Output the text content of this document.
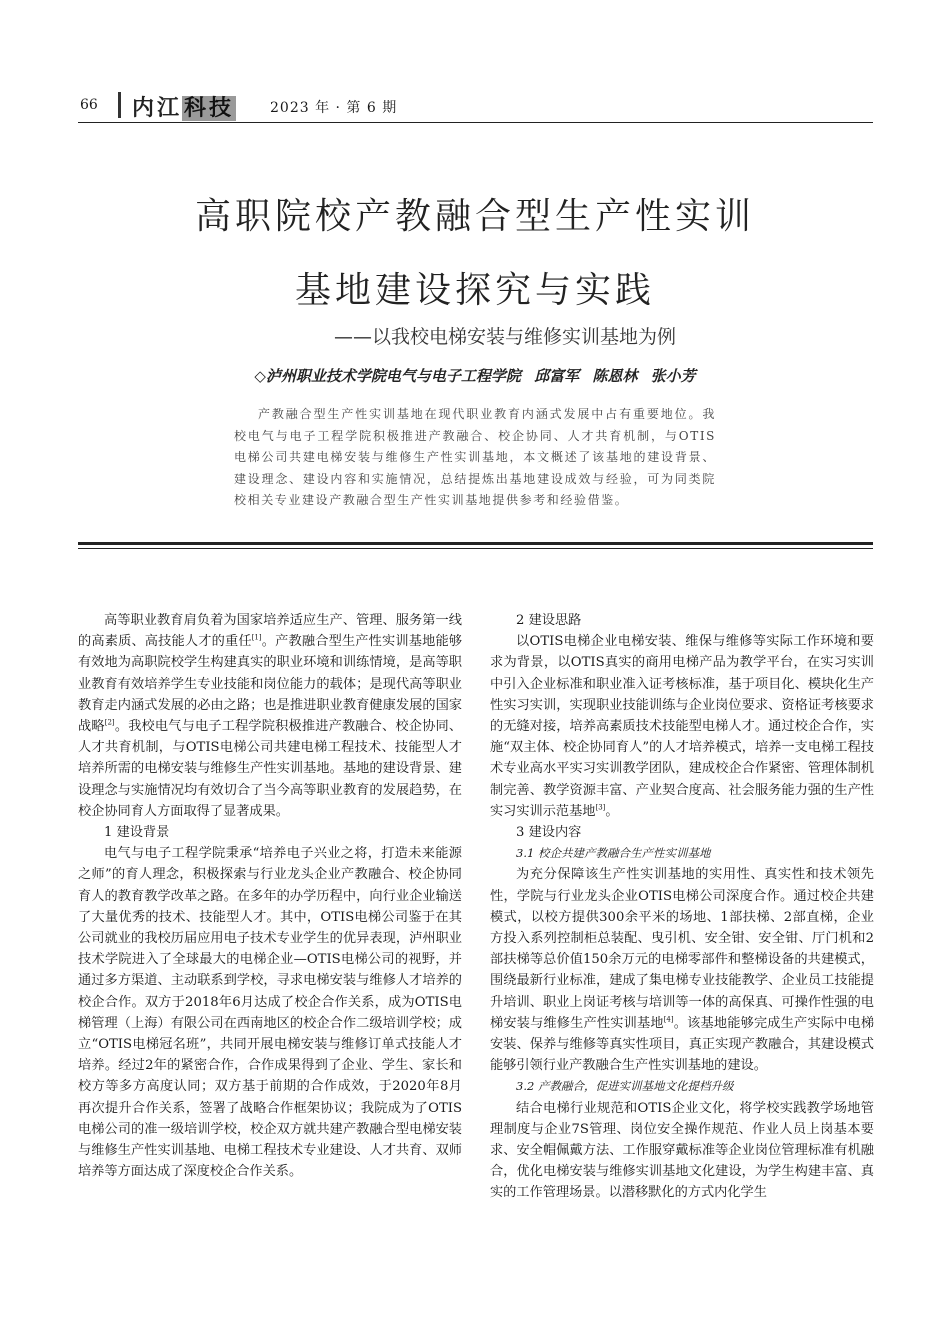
66 内江科技	2023 年 · 第 6 期
高职院校产教融合型生产性实训
基地建设探究与实践
——以我校电梯安装与维修实训基地为例
◇泸州职业技术学院电气与电子工程学院 邱富军 陈恩林 张小芳
产教融合型生产性实训基地在现代职业教育内涵式发展中占有重要地位。我校电气与电子工程学院积极推进产教融合、校企协同、人才共育机制，与OTIS电梯公司共建电梯安装与维修生产性实训基地，本文概述了该基地的建设背景、建设理念、建设内容和实施情况，总结提炼出基地建设成效与经验，可为同类院校相关专业建设产教融合型生产性实训基地提供参考和经验借鉴。

高等职业教育肩负着为国家培养适应生产、管理、服务第一线的高素质、高技能人才的重任[1]。产教融合型生产性实训基地能够有效地为高职院校学生构建真实的职业环境和训练情境，是高等职业教育有效培养学生专业技能和岗位能力的载体；是现代高等职业教育走内涵式发展的必由之路；也是推进职业教育健康发展的国家战略[2]。我校电气与电子工程学院积极推进产教融合、校企协同、人才共育机制，与OTIS电梯公司共建电梯工程技术、技能型人才培养所需的电梯安装与维修生产性实训基地。基地的建设背景、建设理念与实施情况均有效切合了当今高等职业教育的发展趋势，在校企协同育人方面取得了显著成果。

1 建设背景

电气与电子工程学院秉承“培养电子兴业之将，打造未来能源之师”的育人理念，积极探索与行业龙头企业产教融合、校企协同育人的教育教学改革之路。在多年的办学历程中，向行业企业输送了大量优秀的技术、技能型人才。其中，OTIS电梯公司鉴于在其公司就业的我校历届应用电子技术专业学生的优异表现，泸州职业技术学院进入了全球最大的电梯企业—OTIS电梯公司的视野，并通过多方渠道、主动联系到学校，寻求电梯安装与维修人才培养的校企合作。双方于2018年6月达成了校企合作关系，成为OTIS电梯管理（上海）有限公司在西南地区的校企合作二级培训学校；成立“OTIS电梯冠名班”，共同开展电梯安装与维修订单式技能人才培养。经过2年的紧密合作，合作成果得到了企业、学生、家长和校方等多方高度认同；双方基于前期的合作成效，于2020年8月再次提升合作关系，签署了战略合作框架协议；我院成为了OTIS电梯公司的准一级培训学校，校企双方就共建产教融合型电梯安装与维修生产性实训基地、电梯工程技术专业建设、人才共育、双师培养等方面达成了深度校企合作关系。

2 建设思路

以OTIS电梯企业电梯安装、维保与维修等实际工作环境和要求为背景，以OTIS真实的商用电梯产品为教学平台，在实习实训中引入企业标准和职业准入证考核标准，基于项目化、模块化生产性实习实训，实现职业技能训练与企业岗位要求、资格证考核要求的无缝对接，培养高素质技术技能型电梯人才。通过校企合作，实施“双主体、校企协同育人”的人才培养模式，培养一支电梯工程技术专业高水平实习实训教学团队，建成校企合作紧密、管理体制机制完善、教学资源丰富、产业契合度高、社会服务能力强的生产性实习实训示范基地[3]。

3 建设内容
3.1 校企共建产教融合生产性实训基地

为充分保障该生产性实训基地的实用性、真实性和技术领先性，学院与行业龙头企业OTIS电梯公司深度合作。通过校企共建模式，以校方提供300余平米的场地、1部扶梯、2部直梯，企业方投入系列控制柜总装配、曳引机、安全钳、安全钳、厅门机和2部扶梯等总价值150余万元的电梯零部件和整梯设备的共建模式，围绕最新行业标准，建成了集电梯专业技能教学、企业员工技能提升培训、职业上岗证考核与培训等一体的高保真、可操作性强的电梯安装与维修生产性实训基地[4]。该基地能够完成生产实际中电梯安装、保养与维修等真实性项目，真正实现产教融合，其建设模式能够引领行业产教融合生产性实训基地的建设。

3.2 产教融合，促进实训基地文化提档升级

结合电梯行业规范和OTIS企业文化，将学校实践教学场地管理制度与企业7S管理、岗位安全操作规范、作业人员上岗基本要求、安全帽佩戴方法、工作服穿戴标准等企业岗位管理标准有机融合，优化电梯安装与维修实训基地文化建设，为学生构建丰富、真实的工作管理场景。以潜移默化的方式内化学生
